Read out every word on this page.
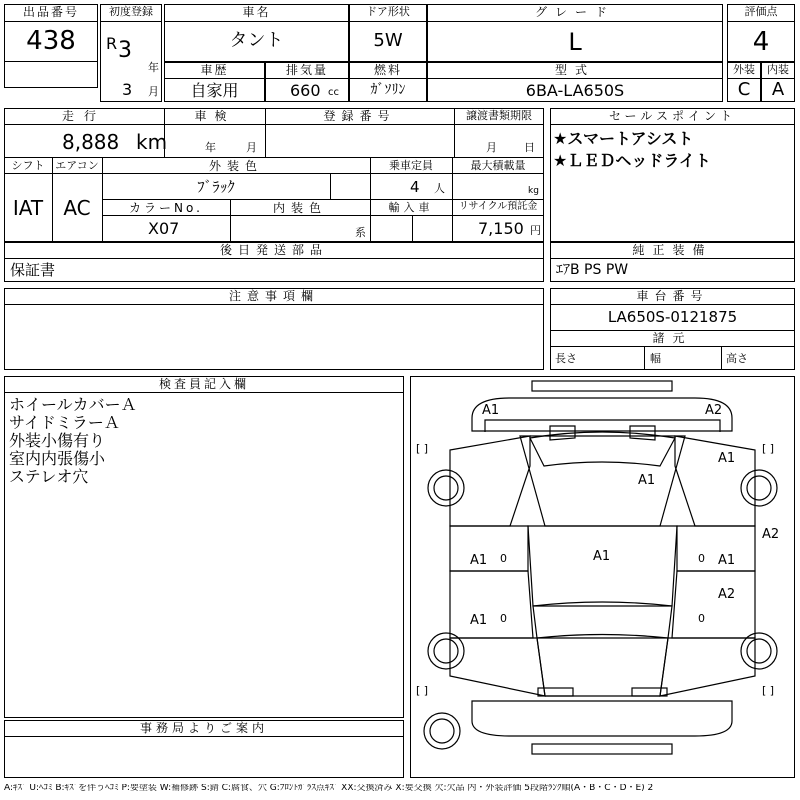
出品番号
438
初度登録
R 3
年
3 月
車名
タント
ドア形状
5W
グレード
L
評価点
4
車歴
自家用
排気量
660 cc
燃料
ｶﾞｿﾘﾝ
型式
6BA-LA650S
外装
C
内装
A
走行
8,888 km
車検
年	月
登録番号	譲渡書類期限
月 日
シフト
IAT
エアコン
AC
外装色
ﾌﾞﾗｯｸ
乗車定員
4 人
最大積載量
kg
カラーNo.
X07
内装色
系
輸入車	リサイクル預託金
7,150 円
セールスポイント
★スマートアシスト
★ＬＥＤヘッドライト
後日発送部品
保証書
純正装備
ｴｱB PS PW
注意事項欄	車台番号
LA650S-0121875
諸元
長さ	幅	高さ
検査員記入欄
ホイールカバーＡ
サイドミラーＡ
外装小傷有り
室内内張傷小
ステレオ穴
事務局よりご案内
A1	A2
A1
A1
A2
A1	A1	A1
A2
A1
0	0
0	0
[ ]	[ ]
[ ]	[ ]
A:ｷｽﾞ U:ﾍｺﾐ B:ｷｽﾞを伴うﾍｺﾐ P:要塗装 W:補修跡 S:錆 C:腐食、穴 G:ﾌﾛﾝﾄｶﾞﾗｽ点ｷｽﾞ XX:交換済み X:要交換 欠:欠品 内・外装評価 5段階ﾗﾝｸ順(A・B・C・D・E) 2
